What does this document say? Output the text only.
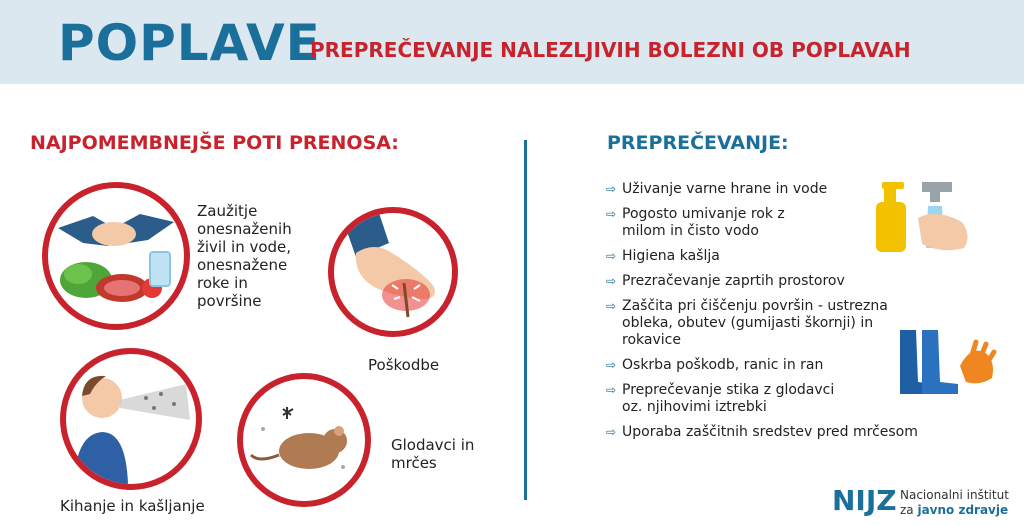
POPLAVE
PREPREČEVANJE NALEZLJIVIH BOLEZNI OB POPLAVAH
NAJPOMEMBNEJŠE POTI PRENOSA:	PREPREČEVANJE:
Zaužitje onesnaženih živil in vode, onesnažene roke in površine
Poškodbe
Kihanje in kašljanje
Glodavci in mrčes
⇨ Uživanje varne hrane in vode
⇨ Pogosto umivanje rok z milom in čisto vodo
⇨ Higiena kašlja
⇨ Prezračevanje zaprtih prostorov
⇨ Zaščita pri čiščenju površin - ustrezna obleka, obutev (gumijasti škornji) in rokavice
⇨ Oskrba poškodb, ranic in ran
⇨ Preprečevanje stika z glodavci oz. njihovimi iztrebki
⇨ Uporaba zaščitnih sredstev pred mrčesom
NIJZ Nacionalni inštitut
za javno zdravje
